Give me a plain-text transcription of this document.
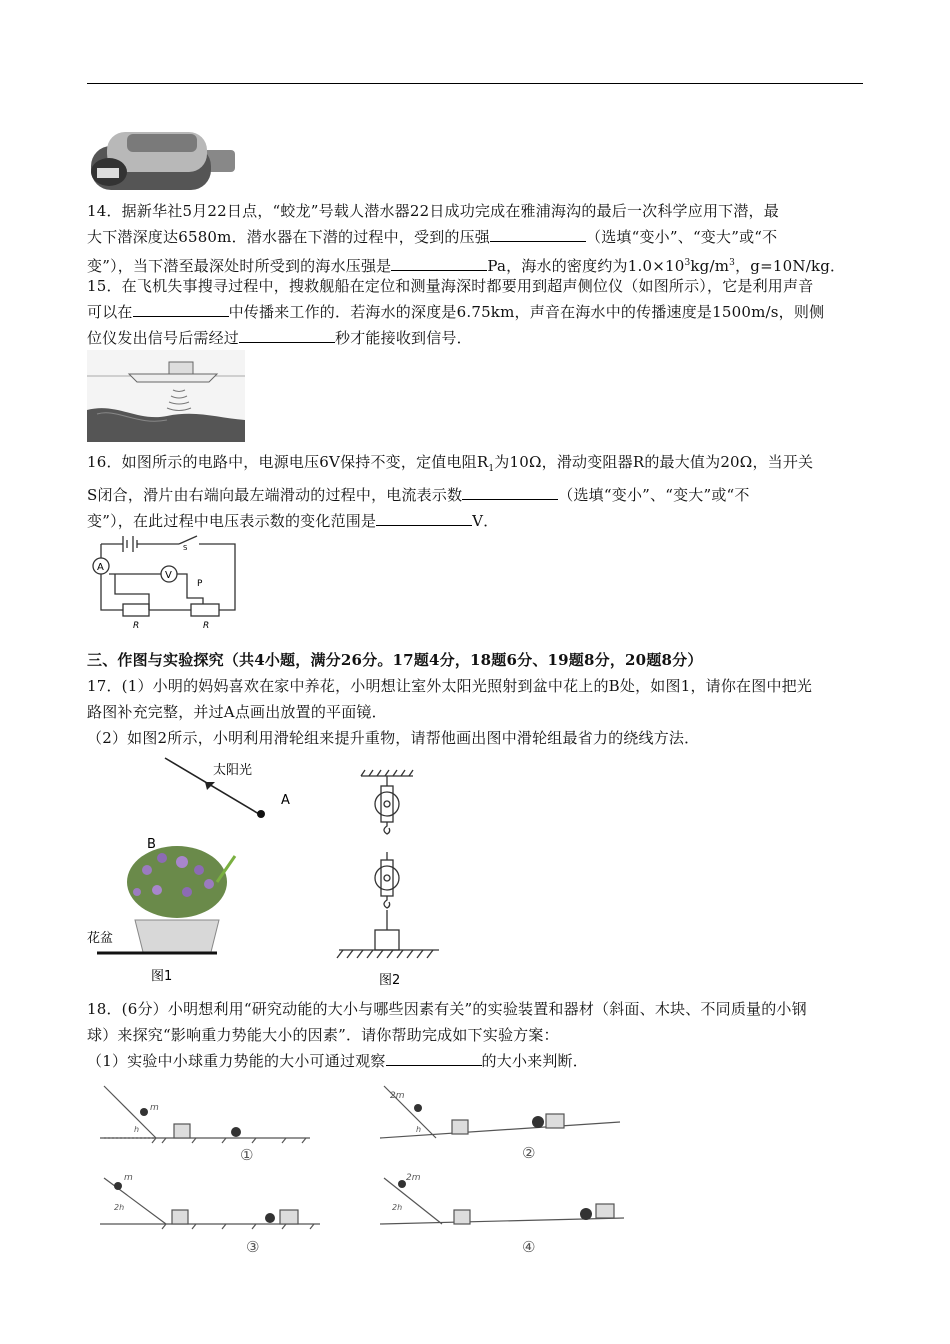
14．据新华社5月22日点，“蛟龙”号载人潜水器22日成功完成在雅浦海沟的最后一次科学应用下潜，最
大下潜深度达6580m．潜水器在下潜的过程中，受到的压强	（选填“变小”、“变大”或“不
变”），当下潜至最深处时所受到的海水压强是	Pa，海水的密度约为$1.0\times 10^3kg/m^3$，g=10N/kg．
15．在飞机失事搜寻过程中，搜救舰船在定位和测量海深时都要用到超声侧位仪（如图所示），它是利用声音
可以在	中传播来工作的．若海水的深度是6.75km，声音在海水中的传播速度是1500m/s，则侧
位仪发出信号后需经过	秒才能接收到信号．
16．如图所示的电路中，电源电压6V保持不变，定值电阻$R_1$为10Ω，滑动变阻器R的最大值为20Ω，当开关
S闭合，滑片由右端向最左端滑动的过程中，电流表示数	（选填“变小”、“变大”或“不
变”），在此过程中电压表示数的变化范围是	V．
A
V
S
P
R	R
三、作图与实验探究（共4小题，满分26分。17题4分，18题6分、19题8分，20题8分）
17．(1）小明的妈妈喜欢在家中养花，小明想让室外太阳光照射到盆中花上的B处，如图1，请你在图中把光
路图补充完整，并过A点画出放置的平面镜．
（2）如图2所示，小明利用滑轮组来提升重物，请帮他画出图中滑轮组最省力的绕线方法．
太阳光
A
B
花盆
图1	图2
18．(6分）小明想利用“研究动能的大小与哪些因素有关”的实验装置和器材（斜面、木块、不同质量的小钢
球）来探究“影响重力势能大小的因素”．请你帮助完成如下实验方案：
（1）实验中小球重力势能的大小可通过观察	的大小来判断．
m
h
①
2m
h
②
m
2h
③
2m
2h
④
